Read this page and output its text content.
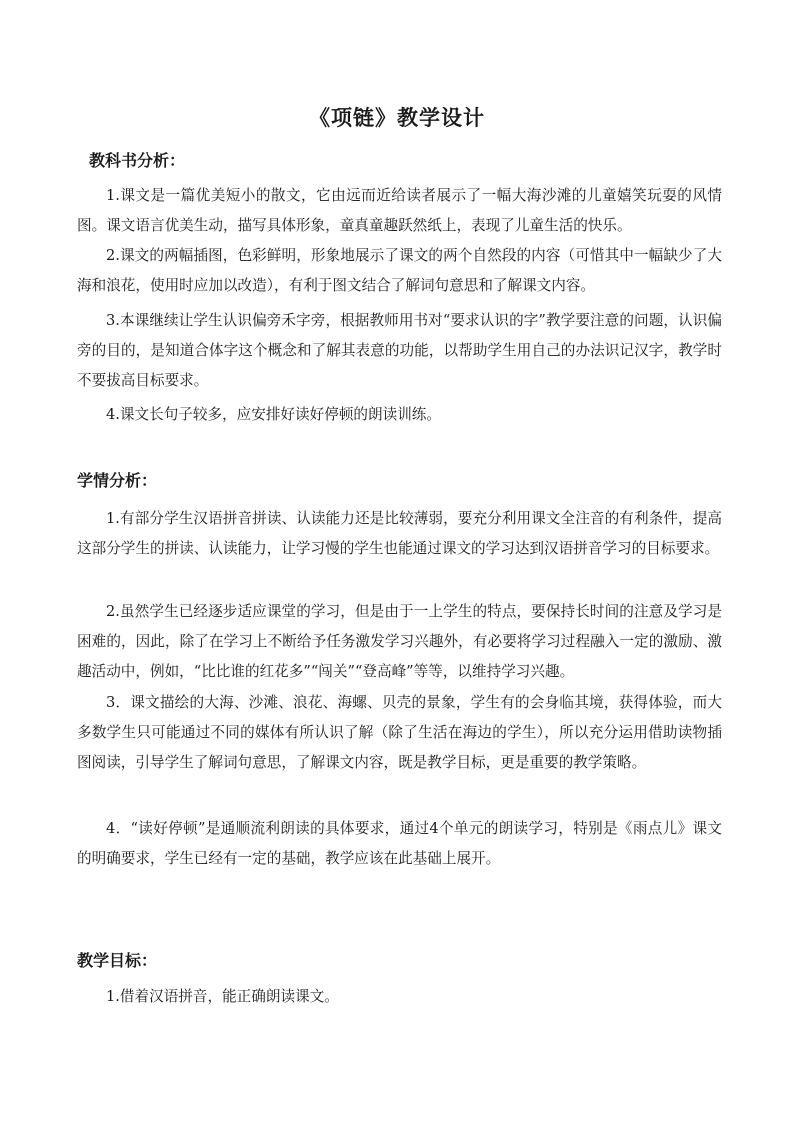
《项链》教学设计
教科书分析：
1.课文是一篇优美短小的散文，它由远而近给读者展示了一幅大海沙滩的儿童嬉笑玩耍的风情图。课文语言优美生动，描写具体形象，童真童趣跃然纸上，表现了儿童生活的快乐。
2.课文的两幅插图，色彩鲜明，形象地展示了课文的两个自然段的内容（可惜其中一幅缺少了大海和浪花，使用时应加以改造），有利于图文结合了解词句意思和了解课文内容。
3.本课继续让学生认识偏旁禾字旁，根据教师用书对“要求认识的字”教学要注意的问题，认识偏旁的目的，是知道合体字这个概念和了解其表意的功能，以帮助学生用自己的办法识记汉字，教学时不要拔高目标要求。
4.课文长句子较多，应安排好读好停顿的朗读训练。
学情分析：
1.有部分学生汉语拼音拼读、认读能力还是比较薄弱，要充分利用课文全注音的有利条件，提高这部分学生的拼读、认读能力，让学习慢的学生也能通过课文的学习达到汉语拼音学习的目标要求。
2.虽然学生已经逐步适应课堂的学习，但是由于一上学生的特点，要保持长时间的注意及学习是困难的，因此，除了在学习上不断给予任务激发学习兴趣外，有必要将学习过程融入一定的激励、激趣活动中，例如，“比比谁的红花多”“闯关”“登高峰”等等，以维持学习兴趣。
3．课文描绘的大海、沙滩、浪花、海螺、贝壳的景象，学生有的会身临其境，获得体验，而大多数学生只可能通过不同的媒体有所认识了解（除了生活在海边的学生），所以充分运用借助读物插图阅读，引导学生了解词句意思，了解课文内容，既是教学目标，更是重要的教学策略。
4．“读好停顿”是通顺流利朗读的具体要求，通过4个单元的朗读学习，特别是《雨点儿》课文的明确要求，学生已经有一定的基础，教学应该在此基础上展开。
教学目标：
1.借着汉语拼音，能正确朗读课文。
